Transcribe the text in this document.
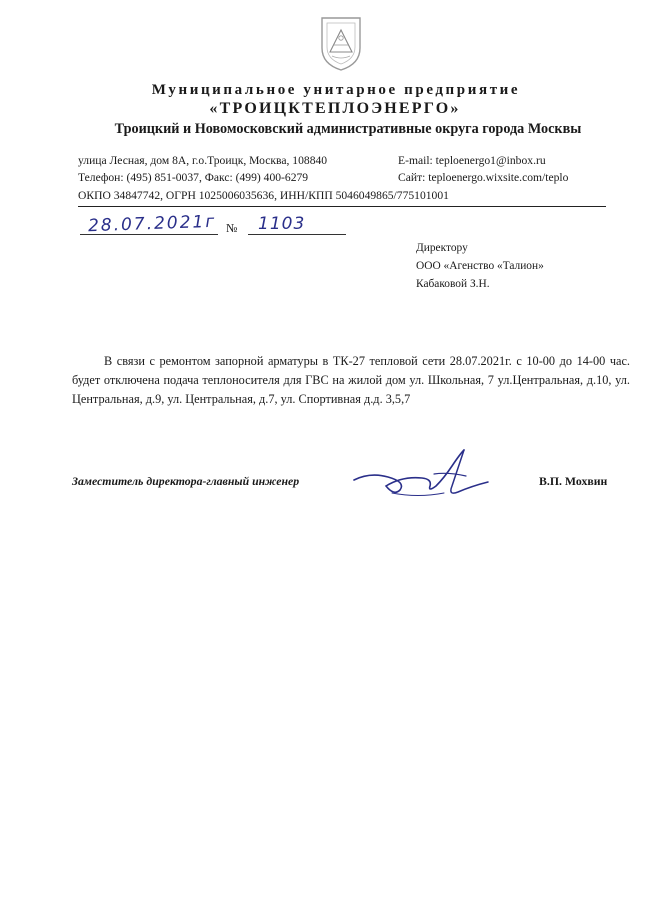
Муниципальное унитарное предприятие
«ТРОИЦКТЕПЛОЭНЕРГО»
Троицкий и Новомосковский административные округа города Москвы
улица Лесная, дом 8А, г.о.Троицк, Москва, 108840
Телефон: (495) 851-0037, Факс: (499) 400-6279
ОКПО 34847742, ОГРН 1025006035636, ИНН/КПП 5046049865/775101001
E-mail: teploenergo1@inbox.ru
Сайт: teploenergo.wixsite.com/teplo
28.07.2021г № 1103
Директору
ООО «Агенство «Талион»
Кабаковой З.Н.
В связи с ремонтом запорной арматуры в ТК-27 тепловой сети 28.07.2021г. с 10-00 до 14-00 час. будет отключена подача теплоносителя для ГВС на жилой дом ул. Школьная, 7 ул.Центральная, д.10, ул. Центральная, д.9, ул. Центральная, д.7, ул. Спортивная д.д. 3,5,7
Заместитель директора-главный инженер	В.П. Мохвин
